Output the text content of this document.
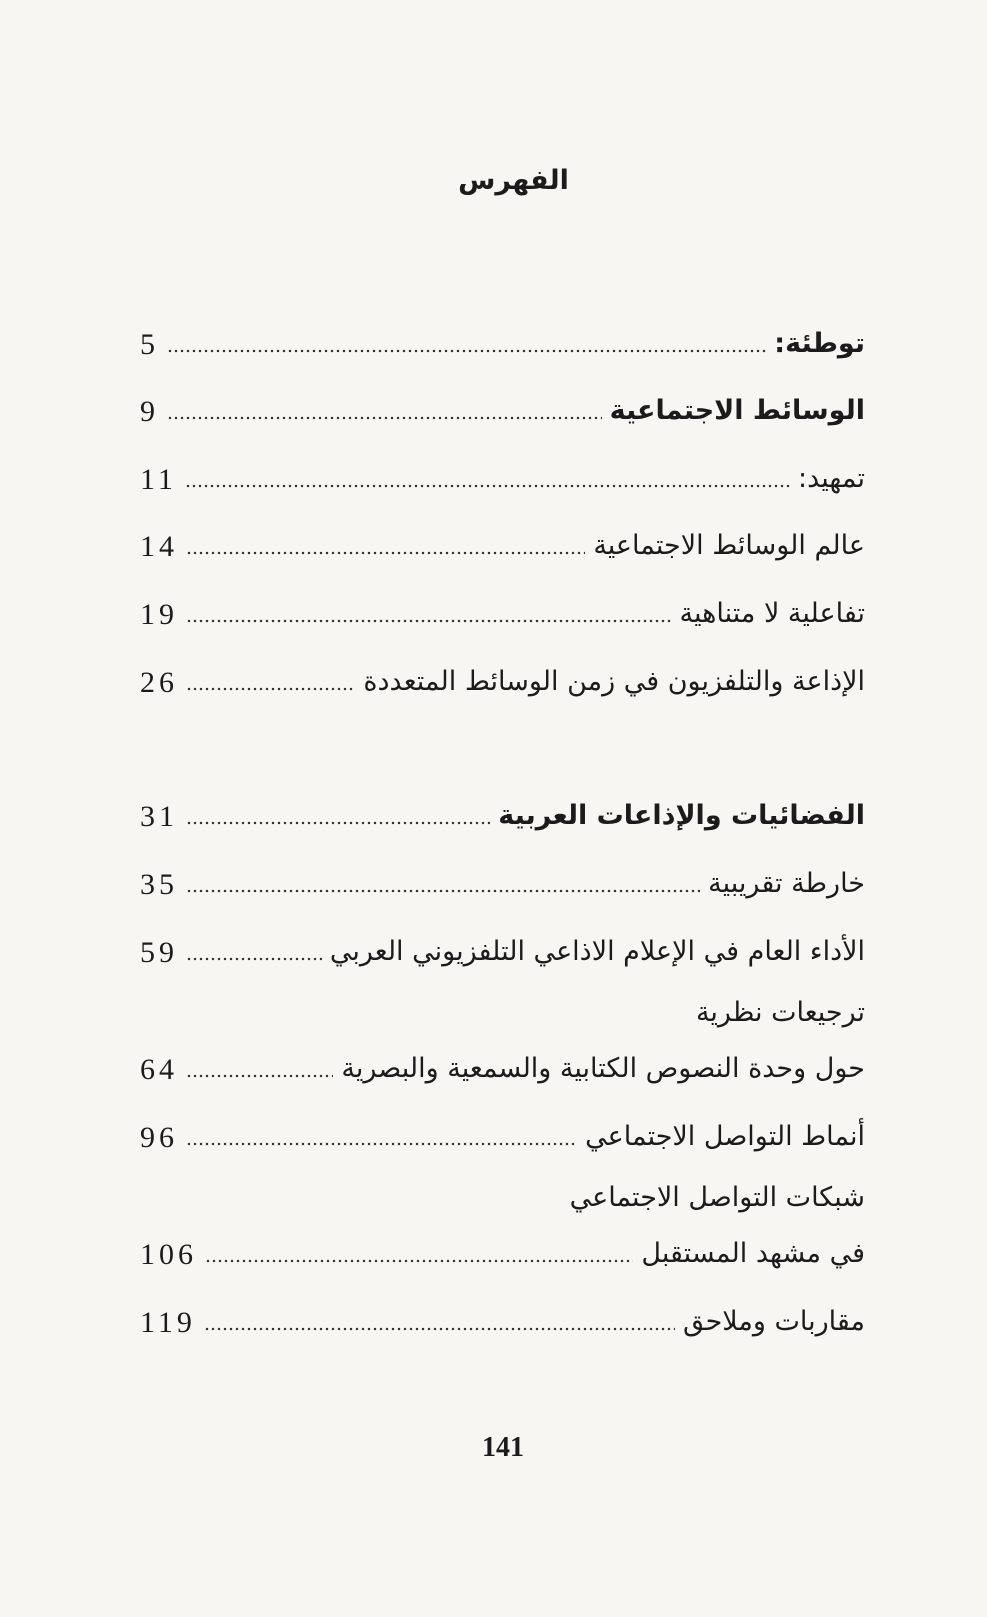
الفهرس
5	توطئة:
9	الوسائط الاجتماعية
11	تمهيد:
14	عالم الوسائط الاجتماعية
19	تفاعلية لا متناهية
26	الإذاعة والتلفزيون في زمن الوسائط المتعددة
31	الفضائيات والإذاعات العربية
35	خارطة تقريبية
59	الأداء العام في الإعلام الاذاعي التلفزيوني العربي
ترجيعات نظرية
64	حول وحدة النصوص الكتابية والسمعية والبصرية
96	أنماط التواصل الاجتماعي
شبكات التواصل الاجتماعي
106	في مشهد المستقبل
119	مقاربات وملاحق
141
